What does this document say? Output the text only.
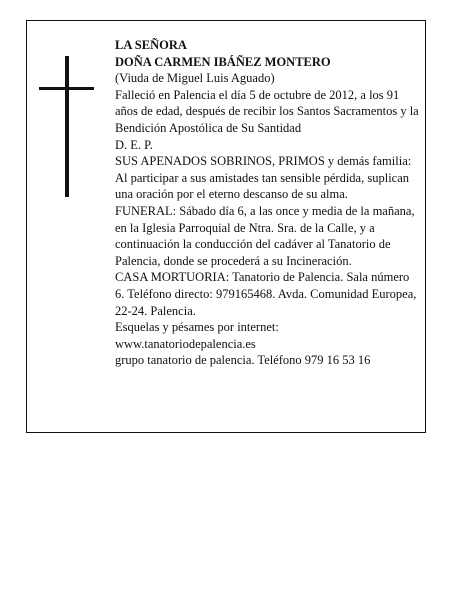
LA SEÑORA
DOÑA CARMEN IBÁÑEZ MONTERO
(Viuda de Miguel Luis Aguado)
Falleció en Palencia el día 5 de octubre de 2012, a los 91 años de edad, después de recibir los Santos Sacramentos y la Bendición Apostólica de Su Santidad
D. E. P.
SUS APENADOS SOBRINOS, PRIMOS y demás familia:
Al participar a sus amistades tan sensible pérdida, suplican una oración por el eterno descanso de su alma.
FUNERAL: Sábado día 6, a las once y media de la mañana, en la Iglesia Parroquial de Ntra. Sra. de la Calle, y a continuación la conducción del cadáver al Tanatorio de Palencia, donde se procederá a su Incineración.
CASA MORTUORIA: Tanatorio de Palencia. Sala número 6. Teléfono directo: 979165468. Avda. Comunidad Europea, 22-24. Palencia.
Esquelas y pésames por internet:
www.tanatoriodepalencia.es
grupo tanatorio de palencia. Teléfono 979 16 53 16
